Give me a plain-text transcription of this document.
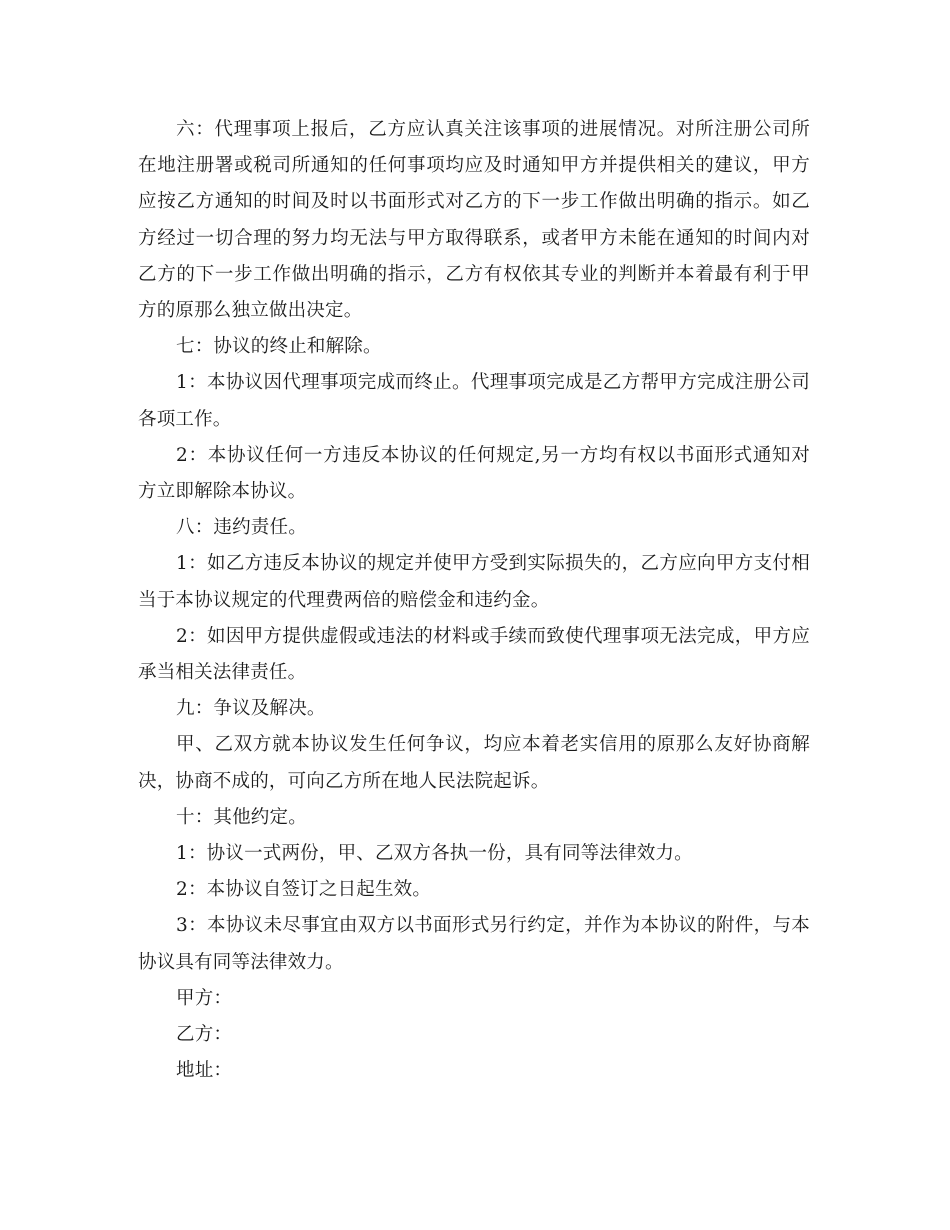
六：代理事项上报后，乙方应认真关注该事项的进展情况。对所注册公司所在地注册署或税司所通知的任何事项均应及时通知甲方并提供相关的建议，甲方应按乙方通知的时间及时以书面形式对乙方的下一步工作做出明确的指示。如乙方经过一切合理的努力均无法与甲方取得联系，或者甲方未能在通知的时间内对乙方的下一步工作做出明确的指示，乙方有权依其专业的判断并本着最有利于甲方的原那么独立做出决定。

七：协议的终止和解除。

1：本协议因代理事项完成而终止。代理事项完成是乙方帮甲方完成注册公司各项工作。

2：本协议任何一方违反本协议的任何规定,另一方均有权以书面形式通知对方立即解除本协议。

八：违约责任。

1：如乙方违反本协议的规定并使甲方受到实际损失的，乙方应向甲方支付相当于本协议规定的代理费两倍的赔偿金和违约金。

2：如因甲方提供虚假或违法的材料或手续而致使代理事项无法完成，甲方应承当相关法律责任。

九：争议及解决。

甲、乙双方就本协议发生任何争议，均应本着老实信用的原那么友好协商解决，协商不成的，可向乙方所在地人民法院起诉。

十：其他约定。

1：协议一式两份，甲、乙双方各执一份，具有同等法律效力。

2：本协议自签订之日起生效。

3：本协议未尽事宜由双方以书面形式另行约定，并作为本协议的附件，与本协议具有同等法律效力。

甲方：

乙方：

地址：
